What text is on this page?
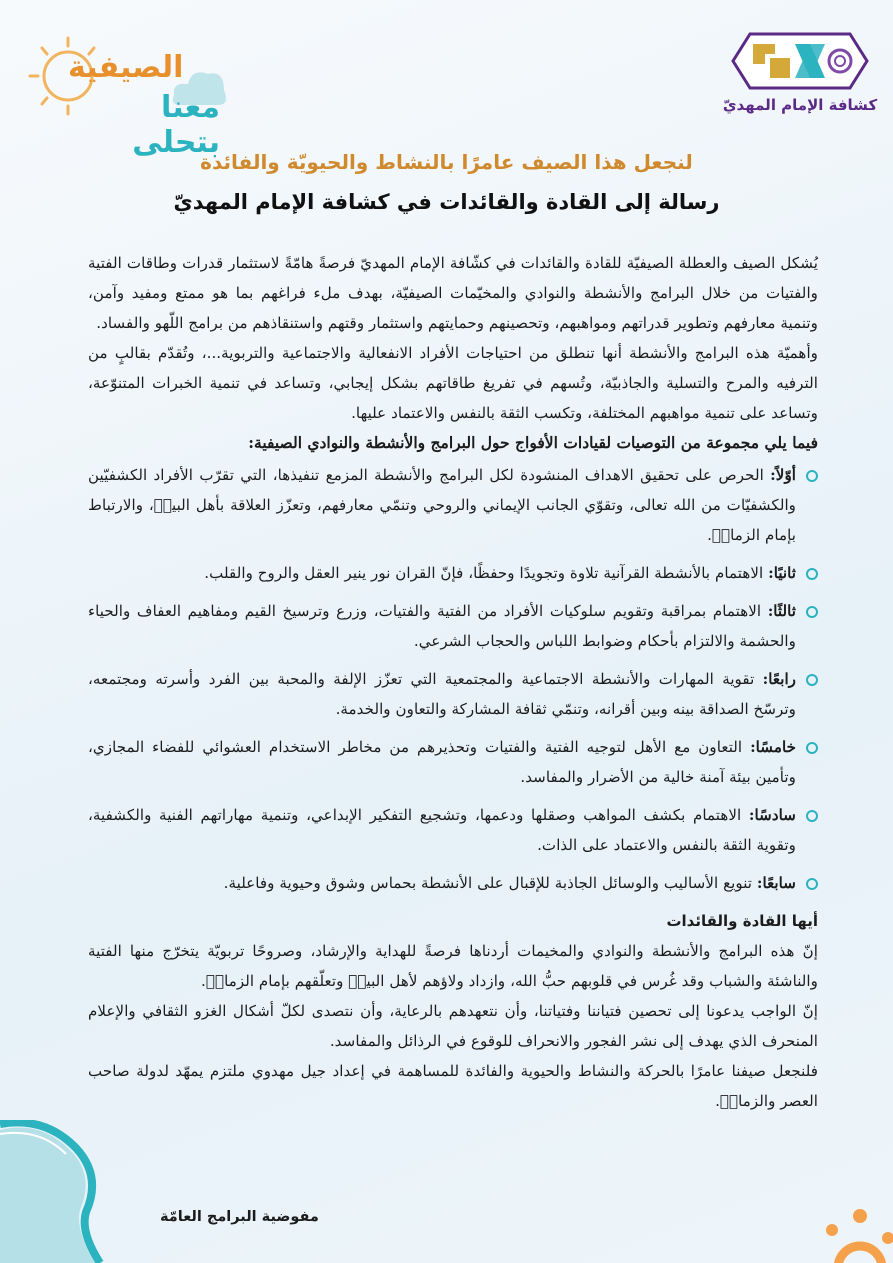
كشافة الإمام المهديّ
الصيفية
معنا بتحلى
لنجعل هذا الصيف عامرًا بالنشاط والحيويّة والفائدة
رسالة إلى القادة والقائدات في كشافة الإمام المهديّ

يُشكل الصيف والعطلة الصيفيّة للقادة والقائدات في كشّافة الإمام المهديّ فرصةً هامّةً لاستثمار قدرات وطاقات الفتية والفتيات من خلال البرامج والأنشطة والنوادي والمخيّمات الصيفيّة، بهدف ملء فراغهم بما هو ممتع ومفيد وآمن، وتنمية معارفهم وتطوير قدراتهم ومواهبهم، وتحصينهم وحمايتهم واستثمار وقتهم واستنقاذهم من برامج اللّهو والفساد.

وأهميّة هذه البرامج والأنشطة أنها تنطلق من احتياجات الأفراد الانفعالية والاجتماعية والتربوية...، وتُقدّم بقالبٍ من الترفيه والمرح والتسلية والجاذبيّة، وتُسهم في تفريغ طاقاتهم بشكل إيجابي، وتساعد في تنمية الخبرات المتنوّعة، وتساعد على تنمية مواهبهم المختلفة، وتكسب الثقة بالنفس والاعتماد عليها.

فيما يلي مجموعة من التوصيات لقيادات الأفواج حول البرامج والأنشطة والنوادي الصيفية:

أوّلاً: الحرص على تحقيق الاهداف المنشودة لكل البرامج والأنشطة المزمع تنفيذها، التي تقرّب الأفراد الكشفيّين والكشفيّات من الله تعالى، وتقوّي الجانب الإيماني والروحي وتنمّي معارفهم، وتعزّز العلاقة بأهل البيتؑ، والارتباط بإمام الزمانؑ.
ثانيًا: الاهتمام بالأنشطة القرآنية تلاوة وتجويدًا وحفظًا، فإنّ القران نور ينير العقل والروح والقلب.
ثالثًا: الاهتمام بمراقبة وتقويم سلوكيات الأفراد من الفتية والفتيات، وزرع وترسيخ القيم ومفاهيم العفاف والحياء والحشمة والالتزام بأحكام وضوابط اللباس والحجاب الشرعي.
رابعًا: تقوية المهارات والأنشطة الاجتماعية والمجتمعية التي تعزّز الإلفة والمحبة بين الفرد وأسرته ومجتمعه، وترسّخ الصداقة بينه وبين أقرانه، وتنمّي ثقافة المشاركة والتعاون والخدمة.
خامسًا: التعاون مع الأهل لتوجيه الفتية والفتيات وتحذيرهم من مخاطر الاستخدام العشوائي للفضاء المجازي، وتأمين بيئة آمنة خالية من الأضرار والمفاسد.
سادسًا: الاهتمام بكشف المواهب وصقلها ودعمها، وتشجيع التفكير الإبداعي، وتنمية مهاراتهم الفنية والكشفية، وتقوية الثقة بالنفس والاعتماد على الذات.
سابعًا: تنويع الأساليب والوسائل الجاذبة للإقبال على الأنشطة بحماس وشوق وحيوية وفاعلية.

أيها القادة والقائدات

إنّ هذه البرامج والأنشطة والنوادي والمخيمات أردناها فرصةً للهداية والإرشاد، وصروحًا تربويّة يتخرّج منها الفتية والناشئة والشباب وقد غُرس في قلوبهم حبُّ الله، وازداد ولاؤهم لأهل البيتؑ وتعلّقهم بإمام الزمانؑ.

إنّ الواجب يدعونا إلى تحصين فتياننا وفتياتنا، وأن نتعهدهم بالرعاية، وأن نتصدى لكلّ أشكال الغزو الثقافي والإعلام المنحرف الذي يهدف إلى نشر الفجور والانحراف للوقوع في الرذائل والمفاسد.

فلنجعل صيفنا عامرًا بالحركة والنشاط والحيوية والفائدة للمساهمة في إعداد جيل مهدوي ملتزم يمهّد لدولة صاحب العصر والزمانؑ.

مفوضية البرامج العامّة
